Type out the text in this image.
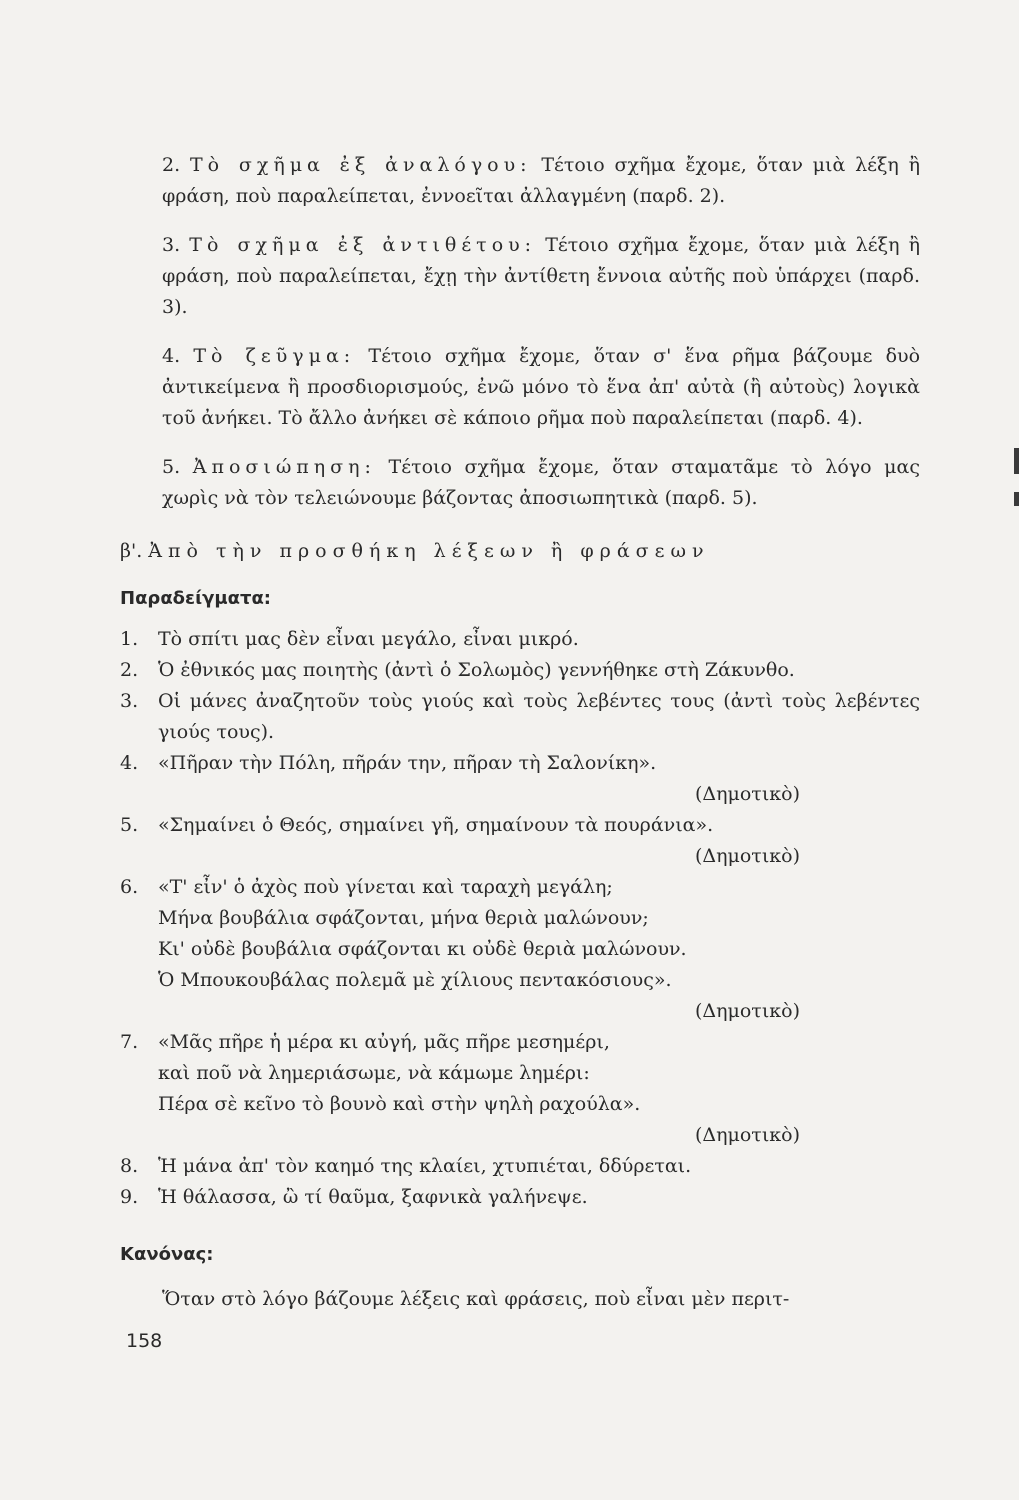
2. Τὸ σχῆμα ἐξ ἀναλόγου: Τέτοιο σχῆμα ἔχομε, ὅταν μιὰ λέξη ἢ φράση, ποὺ παραλείπεται, ἐννοεῖται ἀλλαγμένη (παρδ. 2).

3. Τὸ σχῆμα ἐξ ἀντιθέτου: Τέτοιο σχῆμα ἔχομε, ὅταν μιὰ λέξη ἢ φράση, ποὺ παραλείπεται, ἔχῃ τὴν ἀντίθετη ἔννοια αὐτῆς ποὺ ὑπάρχει (παρδ. 3).

4. Τὸ ζεῦγμα: Τέτοιο σχῆμα ἔχομε, ὅταν σ' ἕνα ρῆμα βάζουμε δυὸ ἀντικείμενα ἢ προσδιορισμούς, ἐνῶ μόνο τὸ ἕνα ἀπ' αὐτὰ (ἢ αὐτοὺς) λογικὰ τοῦ ἀνήκει. Τὸ ἄλλο ἀνήκει σὲ κάποιο ρῆμα ποὺ παραλείπεται (παρδ. 4).

5. Ἀποσιώπηση: Τέτοιο σχῆμα ἔχομε, ὅταν σταματᾶμε τὸ λόγο μας χωρὶς νὰ τὸν τελειώνουμε βάζοντας ἀποσιωπητικὰ (παρδ. 5).

β'. Ἀπὸ τὴν προσθήκη λέξεων ἢ φράσεων
Παραδείγματα:
1. Τὸ σπίτι μας δὲν εἶναι μεγάλο, εἶναι μικρό.
2. Ὁ ἐθνικός μας ποιητὴς (ἀντὶ ὁ Σολωμὸς) γεννήθηκε στὴ Ζάκυνθο.
3. Οἱ μάνες ἀναζητοῦν τοὺς γιούς καὶ τοὺς λεβέντες τους (ἀντὶ τοὺς λεβέντες γιούς τους).
4. «Πῆραν τὴν Πόλη, πῆράν την, πῆραν τὴ Σαλονίκη».
(Δημοτικὸ)
5. «Σημαίνει ὁ Θεός, σημαίνει γῆ, σημαίνουν τὰ πουράνια».
(Δημοτικὸ)
6. «Τ' εἶν' ὁ ἀχὸς ποὺ γίνεται καὶ ταραχὴ μεγάλη;
Μήνα βουβάλια σφάζονται, μήνα θεριὰ μαλώνουν;
Κι' οὐδὲ βουβάλια σφάζονται κι οὐδὲ θεριὰ μαλώνουν.
Ὁ Μπουκουβάλας πολεμᾶ μὲ χίλιους πεντακόσιους».
(Δημοτικὸ)
7. «Μᾶς πῆρε ἡ μέρα κι αὐγή, μᾶς πῆρε μεσημέρι,
καὶ ποῦ νὰ λημεριάσωμε, νὰ κάμωμε λημέρι:
Πέρα σὲ κεῖνο τὸ βουνὸ καὶ στὴν ψηλὴ ραχούλα».
(Δημοτικὸ)
8. Ἡ μάνα ἀπ' τὸν καημό της κλαίει, χτυπιέται, δδύρεται.
9. Ἡ θάλασσα, ὢ τί θαῦμα, ξαφνικὰ γαλήνεψε.
Κανόνας:
Ὅταν στὸ λόγο βάζουμε λέξεις καὶ φράσεις, ποὺ εἶναι μὲν περιτ-
158
